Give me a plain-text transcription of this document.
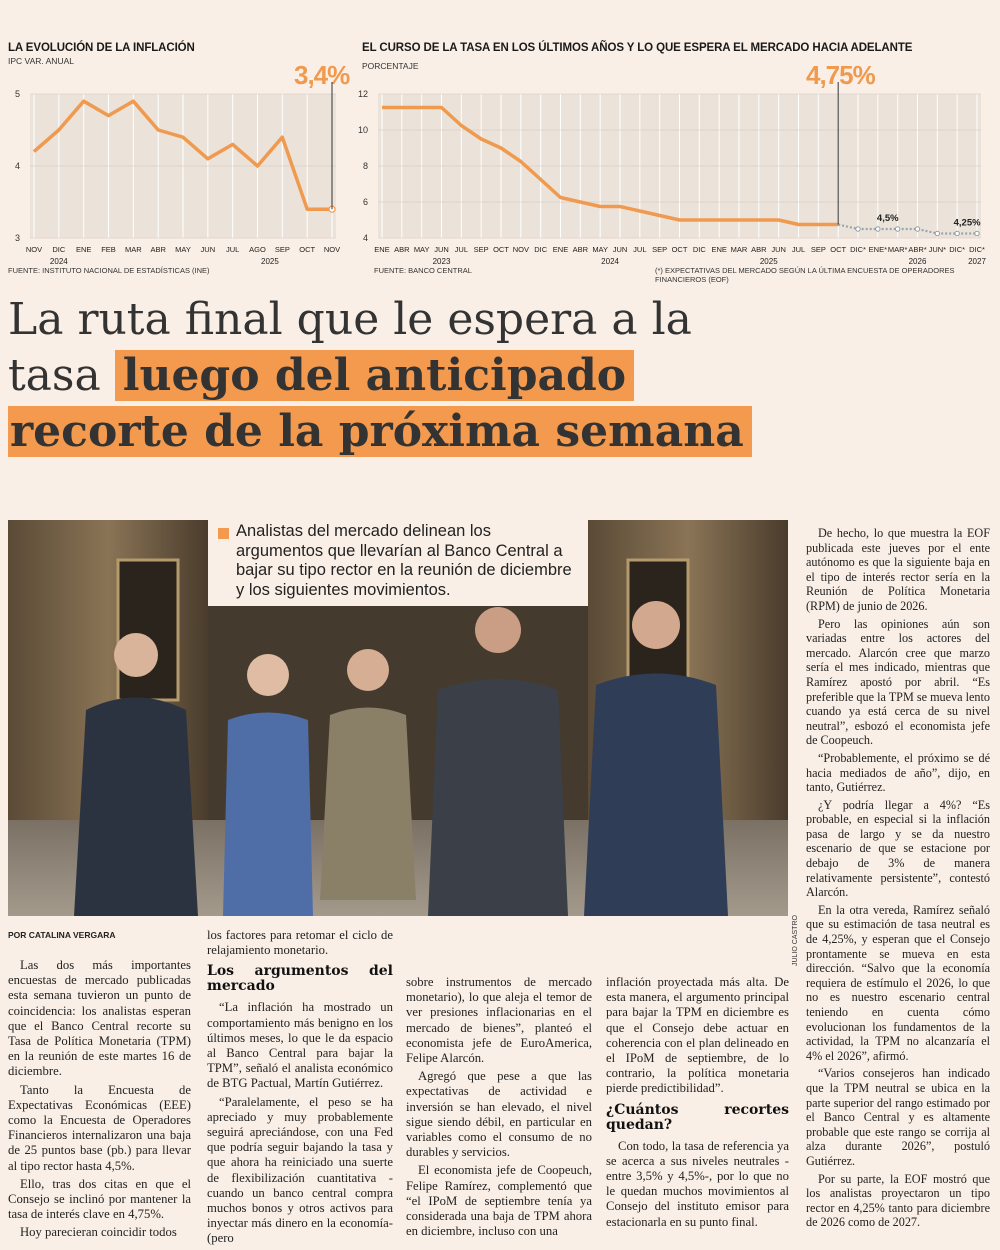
LA EVOLUCIÓN DE LA INFLACIÓN
IPC VAR. ANUAL	3,4%
3
4
5
NOV DIC ENE FEB MAR ABR MAY JUN JUL AGO SEP OCT NOV
2024	2025
FUENTE: INSTITUTO NACIONAL DE ESTADÍSTICAS (INE)
EL CURSO DE LA TASA EN LOS ÚLTIMOS AÑOS Y LO QUE ESPERA EL MERCADO HACIA ADELANTE
PORCENTAJE	4,75%
4
6
8
10
12
ENE ABR MAY JUN JUL SEP OCT NOV DIC ENE ABR MAY JUN JUL SEP OCT DIC ENE MAR ABR JUN JUL SEP OCT DIC* ENE* MAR* ABR* JUN* DIC* DIC*
2023	2024	2025	2026	2027
4,5%	4,25%
FUENTE: BANCO CENTRAL	(*) EXPECTATIVAS DEL MERCADO SEGÚN LA ÚLTIMA ENCUESTA DE OPERADORES FINANCIEROS (EOF)
La ruta final que le espera a la
tasa luego del anticipado
recorte de la próxima semana

Analistas del mercado delinean los argumentos que llevarían al Banco Central a bajar su tipo rector en la reunión de diciembre y los siguientes movimientos.

JULIO CASTRO
POR CATALINA VERGARA

Las dos más importantes encuestas de mercado publicadas esta semana tuvieron un punto de coincidencia: los analistas esperan que el Banco Central recorte su Tasa de Política Monetaria (TPM) en la reunión de este martes 16 de diciembre.

Tanto la Encuesta de Expectativas Económicas (EEE) como la Encuesta de Operadores Financieros internalizaron una baja de 25 puntos base (pb.) para llevar al tipo rector hasta 4,5%.

Ello, tras dos citas en que el Consejo se inclinó por mantener la tasa de interés clave en 4,75%.

Hoy parecieran coincidir todos

los factores para retomar el ciclo de relajamiento monetario.

Los argumentos del mercado

“La inflación ha mostrado un comportamiento más benigno en los últimos meses, lo que le da espacio al Banco Central para bajar la TPM”, señaló el analista económico de BTG Pactual, Martín Gutiérrez.

“Paralelamente, el peso se ha apreciado y muy probablemente seguirá apreciándose, con una Fed que podría seguir bajando la tasa y que ahora ha reiniciado una suerte de flexibilización cuantitativa -cuando un banco central compra muchos bonos y otros activos para inyectar más dinero en la economía- (pero

sobre instrumentos de mercado monetario), lo que aleja el temor de ver presiones inflacionarias en el mercado de bienes”, planteó el economista jefe de EuroAmerica, Felipe Alarcón.

Agregó que pese a que las expectativas de actividad e inversión se han elevado, el nivel sigue siendo débil, en particular en variables como el consumo de no durables y servicios.

El economista jefe de Coopeuch, Felipe Ramírez, complementó que “el IPoM de septiembre tenía ya considerada una baja de TPM ahora en diciembre, incluso con una

inflación proyectada más alta. De esta manera, el argumento principal para bajar la TPM en diciembre es que el Consejo debe actuar en coherencia con el plan delineado en el IPoM de septiembre, de lo contrario, la política monetaria pierde predictibilidad”.

¿Cuántos recortes quedan?

Con todo, la tasa de referencia ya se acerca a sus niveles neutrales -entre 3,5% y 4,5%-, por lo que no le quedan muchos movimientos al Consejo del instituto emisor para estacionarla en su punto final.

De hecho, lo que muestra la EOF publicada este jueves por el ente autónomo es que la siguiente baja en el tipo de interés rector sería en la Reunión de Política Monetaria (RPM) de junio de 2026.

Pero las opiniones aún son variadas entre los actores del mercado. Alarcón cree que marzo sería el mes indicado, mientras que Ramírez apostó por abril. “Es preferible que la TPM se mueva lento cuando ya está cerca de su nivel neutral”, esbozó el economista jefe de Coopeuch.

“Probablemente, el próximo se dé hacia mediados de año”, dijo, en tanto, Gutiérrez.

¿Y podría llegar a 4%? “Es probable, en especial si la inflación pasa de largo y se da nuestro escenario de que se estacione por debajo de 3% de manera relativamente persistente”, contestó Alarcón.

En la otra vereda, Ramírez señaló que su estimación de tasa neutral es de 4,25%, y esperan que el Consejo prontamente se mueva en esta dirección. “Salvo que la economía requiera de estímulo el 2026, lo que no es nuestro escenario central teniendo en cuenta cómo evolucionan los fundamentos de la actividad, la TPM no alcanzaría el 4% el 2026”, afirmó.

“Varios consejeros han indicado que la TPM neutral se ubica en la parte superior del rango estimado por el Banco Central y es altamente probable que este rango se corrija al alza durante 2026”, postuló Gutiérrez.

Por su parte, la EOF mostró que los analistas proyectaron un tipo rector en 4,25% tanto para diciembre de 2026 como de 2027.
